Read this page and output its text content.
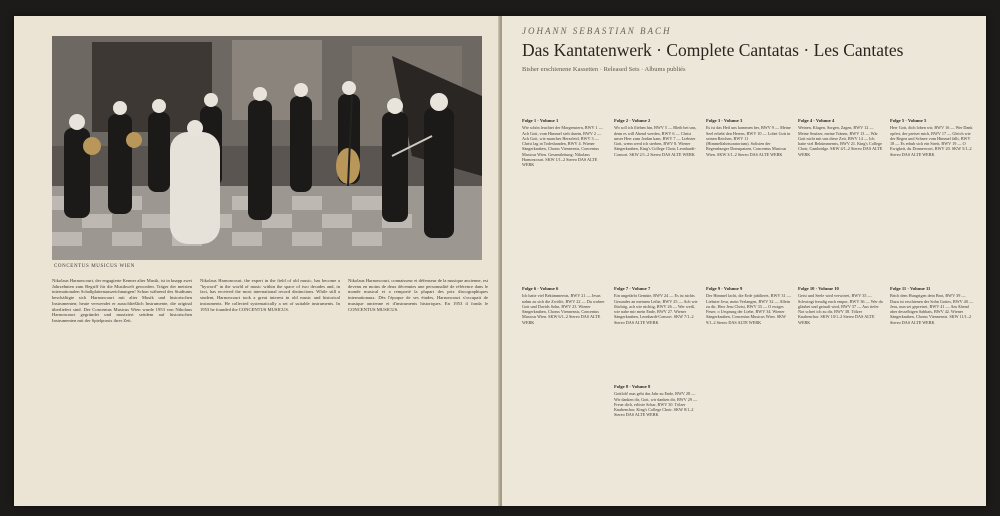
CONCENTUS MUSICUS WIEN

Nikolaus Harnoncourt, der engagierte Kenner alter Musik, ist in knapp zwei Jahrzehnten zum Begriff für die Musikwelt geworden. Träger der meisten internationalen Schallplattenauszeichnungen! Schon während des Studiums beschäftigte sich Harnoncourt mit alter Musik und historischen Instrumenten; heute verwendet er ausschließlich Instrumente, die original überliefert sind. Der Concentus Musicus Wien wurde 1953 von Nikolaus Harnoncourt gegründet und musiziert seitdem auf historischen Instrumenten mit der Spielpraxis ihrer Zeit.

Nikolaus Harnoncourt, the expert in the field of old music, has become a "byword" in the world of music within the space of two decades and, in fact, has received the most international record distinctions. While still a student, Harnoncourt took a great interest in old music and historical instruments. He collected systematically a set of suitable instruments. In 1953 he founded the CONCENTUS MUSICUS.

Nikolaus Harnoncourt, connaisseur et défenseur de la musique ancienne, est devenu en moins de deux décennies une personnalité de référence dans le monde musical et a remporté la plupart des prix discographiques internationaux. Dès l'époque de ses études, Harnoncourt s'occupait de musique ancienne et d'instruments historiques. En 1953 il fonda le CONCENTUS MUSICUS.

JOHANN SEBASTIAN BACH
Das Kantatenwerk · Complete Cantatas · Les Cantates
Bisher erschienene Kassetten · Released Sets · Albums publiés
Folge 1 · Volume 1
Wie schön leuchtet der Morgenstern, BWV 1 — Ach Gott, vom Himmel sieh darein, BWV 2 — Ach Gott, wie manches Herzeleid, BWV 3 — Christ lag in Todesbanden, BWV 4. Wiener Sängerknaben, Chorus Viennensis, Concentus Musicus Wien. Gesamtleitung: Nikolaus Harnoncourt. SKW 1/1–2 Stereo DAS ALTE WERK
Folge 2 · Volume 2
Wo soll ich fliehen hin, BWV 5 — Bleib bei uns, denn es will Abend werden, BWV 6 — Christ unser Herr zum Jordan kam, BWV 7 — Liebster Gott, wenn werd ich sterben, BWV 8. Wiener Sängerknaben, King's College Choir, Leonhardt-Consort. SKW 2/1–2 Stereo DAS ALTE WERK
Folge 3 · Volume 3
Es ist das Heil uns kommen her, BWV 9 — Meine Seel erhebt den Herren, BWV 10 — Lobet Gott in seinen Reichen, BWV 11 (Himmelfahrtsoratorium). Solisten der Regensburger Domspatzen, Concentus Musicus Wien. SKW 3/1–2 Stereo DAS ALTE WERK
Folge 4 · Volume 4
Weinen, Klagen, Sorgen, Zagen, BWV 12 — Meine Seufzer, meine Tränen, BWV 13 — Wär Gott nicht mit uns diese Zeit, BWV 14 — Ich hatte viel Bekümmernis, BWV 21. King's College Choir, Cambridge. SKW 4/1–2 Stereo DAS ALTE WERK
Folge 5 · Volume 5
Herr Gott, dich loben wir, BWV 16 — Wer Dank opfert, der preiset mich, BWV 17 — Gleich wie der Regen und Schnee vom Himmel fällt, BWV 18 — Es erhub sich ein Streit, BWV 19 — O Ewigkeit, du Donnerwort, BWV 20. SKW 5/1–2 Stereo DAS ALTE WERK
Folge 6 · Volume 6
Ich hatte viel Bekümmernis, BWV 21 — Jesus nahm zu sich die Zwölfe, BWV 22 — Du wahrer Gott und Davids Sohn, BWV 23. Wiener Sängerknaben, Chorus Viennensis, Concentus Musicus Wien. SKW 6/1–2 Stereo DAS ALTE WERK
Folge 7 · Volume 7
Ein ungefärbt Gemüte, BWV 24 — Es ist nichts Gesundes an meinem Leibe, BWV 25 — Ach wie flüchtig, ach wie nichtig, BWV 26 — Wer weiß, wie nahe mir mein Ende, BWV 27. Wiener Sängerknaben, Leonhardt-Consort. SKW 7/1–2 Stereo DAS ALTE WERK
Folge 8 · Volume 8
Gottlob! nun geht das Jahr zu Ende, BWV 28 — Wir danken dir, Gott, wir danken dir, BWV 29 — Freue dich, erlöste Schar, BWV 30. Tölzer Knabenchor, King's College Choir. SKW 8/1–2 Stereo DAS ALTE WERK
Folge 9 · Volume 9
Der Himmel lacht, die Erde jubilieret, BWV 31 — Liebster Jesu, mein Verlangen, BWV 32 — Allein zu dir, Herr Jesu Christ, BWV 33 — O ewiges Feuer, o Ursprung der Liebe, BWV 34. Wiener Sängerknaben, Concentus Musicus Wien. SKW 9/1–2 Stereo DAS ALTE WERK
Folge 10 · Volume 10
Geist und Seele wird verwirret, BWV 35 — Schwingt freudig euch empor, BWV 36 — Wer da gläubet und getauft wird, BWV 37 — Aus tiefer Not schrei ich zu dir, BWV 38. Tölzer Knabenchor. SKW 10/1–2 Stereo DAS ALTE WERK
Folge 11 · Volume 11
Brich dem Hungrigen dein Brot, BWV 39 — Dazu ist erschienen der Sohn Gottes, BWV 40 — Jesu, nun sei gepreiset, BWV 41 — Am Abend aber desselbigen Sabbats, BWV 42. Wiener Sängerknaben, Chorus Viennensis. SKW 11/1–2 Stereo DAS ALTE WERK
